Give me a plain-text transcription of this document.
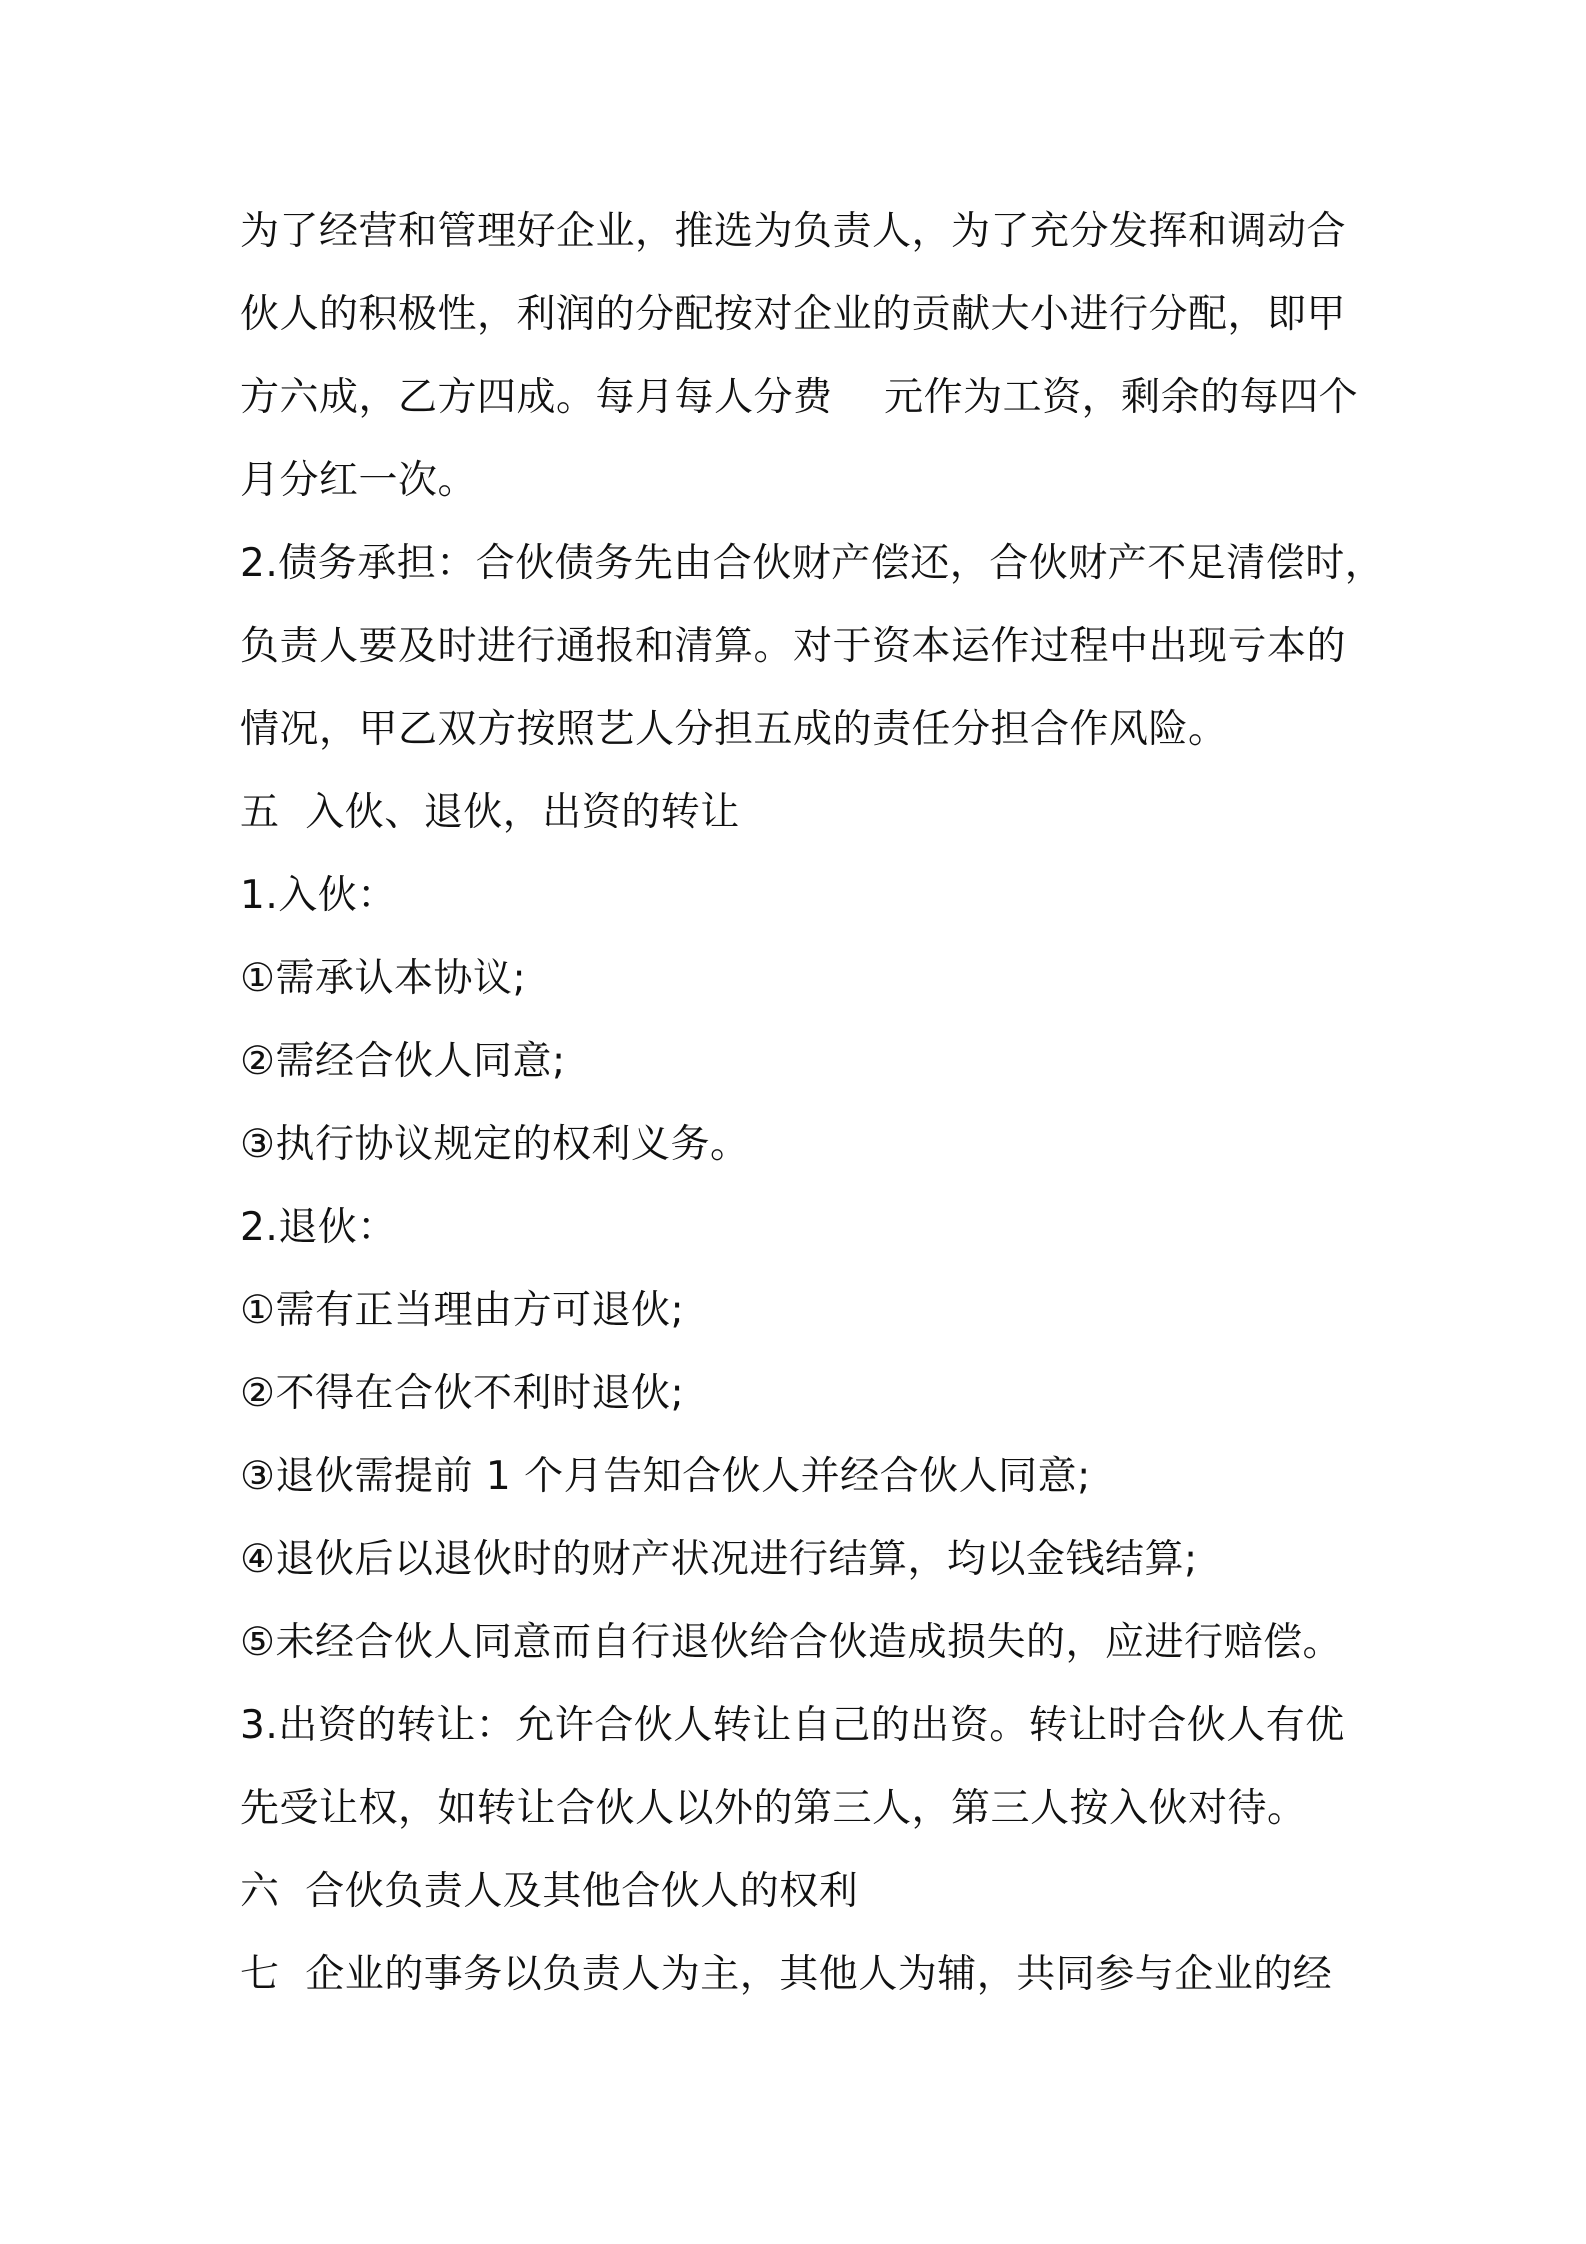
为了经营和管理好企业，推选为负责人，为了充分发挥和调动合
伙人的积极性，利润的分配按对企业的贡献大小进行分配，即甲
方六成，乙方四成。每月每人分费    元作为工资，剩余的每四个
月分红一次。
2.债务承担：合伙债务先由合伙财产偿还，合伙财产不足清偿时，
负责人要及时进行通报和清算。对于资本运作过程中出现亏本的
情况，甲乙双方按照艺人分担五成的责任分担合作风险。
五  入伙、退伙，出资的转让
1.入伙：
①需承认本协议;
②需经合伙人同意;
③执行协议规定的权利义务。
2.退伙：
①需有正当理由方可退伙;
②不得在合伙不利时退伙;
③退伙需提前 1 个月告知合伙人并经合伙人同意;
④退伙后以退伙时的财产状况进行结算，均以金钱结算;
⑤未经合伙人同意而自行退伙给合伙造成损失的，应进行赔偿。
3.出资的转让：允许合伙人转让自己的出资。转让时合伙人有优
先受让权，如转让合伙人以外的第三人，第三人按入伙对待。
六  合伙负责人及其他合伙人的权利
七  企业的事务以负责人为主，其他人为辅，共同参与企业的经
